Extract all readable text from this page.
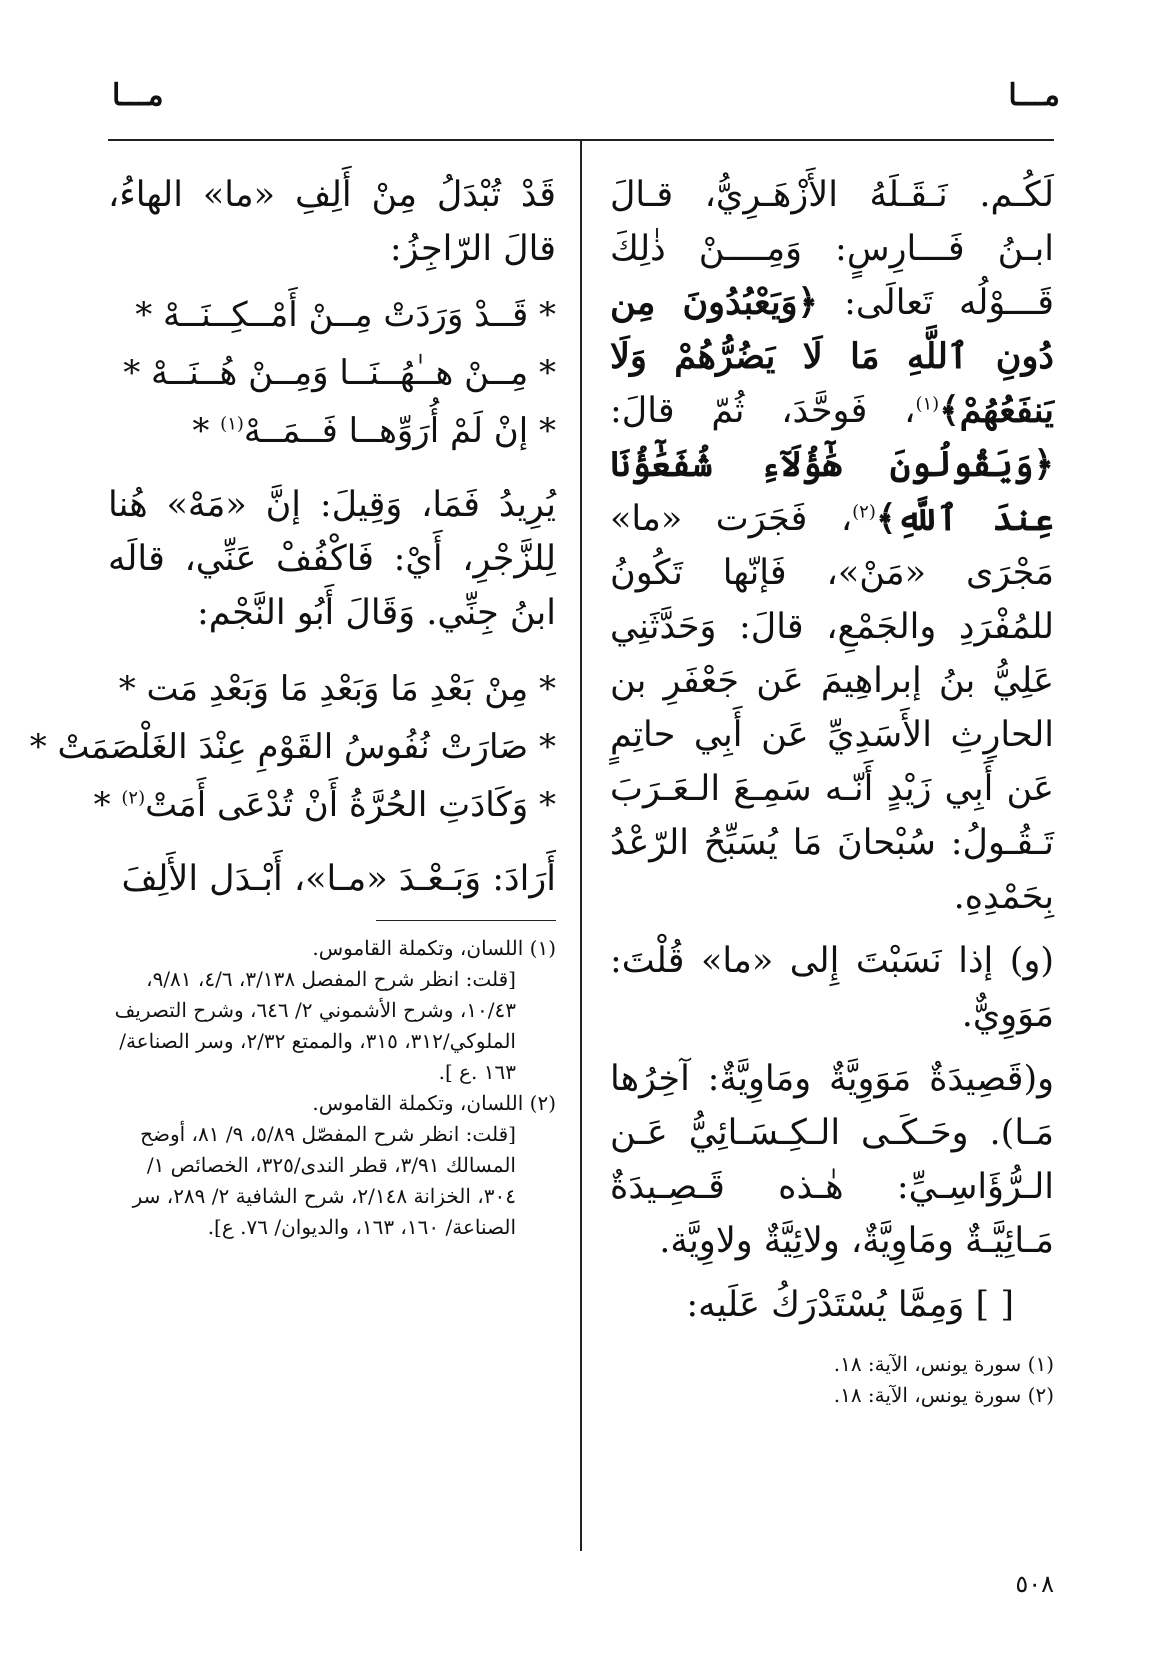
مـــا
مـــا

لَكُـم. نَـقَـلَهُ الأَزْهَـرِيُّ، قـالَ ابـنُ فَـــارِسٍ: وَمِــــنْ ذٰلِكَ قَـــوْلُه تَعالَى: ﴿وَيَعْبُدُونَ مِن دُونِ ٱللَّهِ مَا لَا يَضُرُّهُمْ وَلَا يَنفَعُهُمْ﴾$^{(١)}$، فَوحَّدَ، ثُمّ قالَ: ﴿وَيَقُولُونَ هَٰٓؤُلَآءِ شُفَعَٰٓؤُنَا عِندَ ٱللَّهِ﴾$^{(٢)}$، فَجَرَت «ما» مَجْرَى «مَنْ»، فَإنّها تَكُونُ للمُفْرَدِ والجَمْعِ، قالَ: وَحَدَّثَنِي عَلِيُّ بنُ إبراهِيمَ عَن جَعْفَرِ بن الحارِثِ الأَسَدِيِّ عَن أَبِي حاتِمٍ عَن أَبِي زَيْدٍ أَنّـه سَمِـعَ الـعَـرَبَ تَـقُـولُ: سُبْحانَ مَا يُسَبِّحُ الرّعْدُ بِحَمْدِهِ.

(و) إذا نَسَبْتَ إِلى «ما» قُلْتَ: مَوَوِيٌّ.

و(قَصِيدَةٌ مَوَوِيَّةٌ ومَاوِيَّةٌ: آخِرُها مَـا). وحَـكَـى الـكِـسَـائِيُّ عَـن الـرُّؤَاسِـيِّ: هٰـذه قَـصِـيدَةٌ مَـائِيَّـةٌ ومَاوِيَّةٌ، ولائِيَّةٌ ولاوِيَّة.

[ ] وَمِمَّا يُسْتَدْرَكُ عَلَيه:

(١) سورة يونس، الآية: ١٨.

(٢) سورة يونس، الآية: ١٨.

قَدْ تُبْدَلُ مِنْ أَلِفِ «ما» الهاءُ، قالَ الرّاجِزُ:

* قَــدْ وَرَدَتْ مِــنْ أَمْــكِــنَــهْ *

* مِــنْ هــٰهُــنَــا وَمِــنْ هُــنَــهْ *

* إنْ لَمْ أُرَوِّهــا فَــمَــهْ$^{(١)}$ *

يُرِيدُ فَمَا، وَقِيلَ: إنَّ «مَهْ» هُنا لِلزَّجْرِ، أَيْ: فَاكْفُفْ عَنِّي، قالَه ابنُ جِنِّي. وَقَالَ أَبُو النَّجْم:

* مِنْ بَعْدِ مَا وَبَعْدِ مَا وَبَعْدِ مَت *

* صَارَتْ نُفُوسُ القَوْمِ عِنْدَ الغَلْصَمَتْ *

* وَكَادَتِ الحُرَّةُ أَنْ تُدْعَى أَمَتْ$^{(٢)}$ *

أَرَادَ: وَبَـعْـدَ «مـا»، أَبْـدَل الأَلِفَ

(١) اللسان، وتكملة القاموس.

[قلت: انظر شرح المفصل ٣/١٣٨، ٤/٦، ٩/٨١، ١٠/٤٣، وشرح الأشموني ٢/ ٦٤٦، وشرح التصريف الملوكي/٣١٢، ٣١٥، والممتع ٢/٣٢، وسر الصناعة/ ١٦٣ .ع ].

(٢) اللسان، وتكملة القاموس.

[قلت: انظر شرح المفصّل ٥/٨٩، ٩/ ٨١، أوضح المسالك ٣/٩١، قطر الندى/٣٢٥، الخصائص ١/ ٣٠٤، الخزانة ٢/١٤٨، شرح الشافية ٢/ ٢٨٩، سر الصناعة/ ١٦٠، ١٦٣، والديوان/ ٧٦. ع].

٥٠٨
